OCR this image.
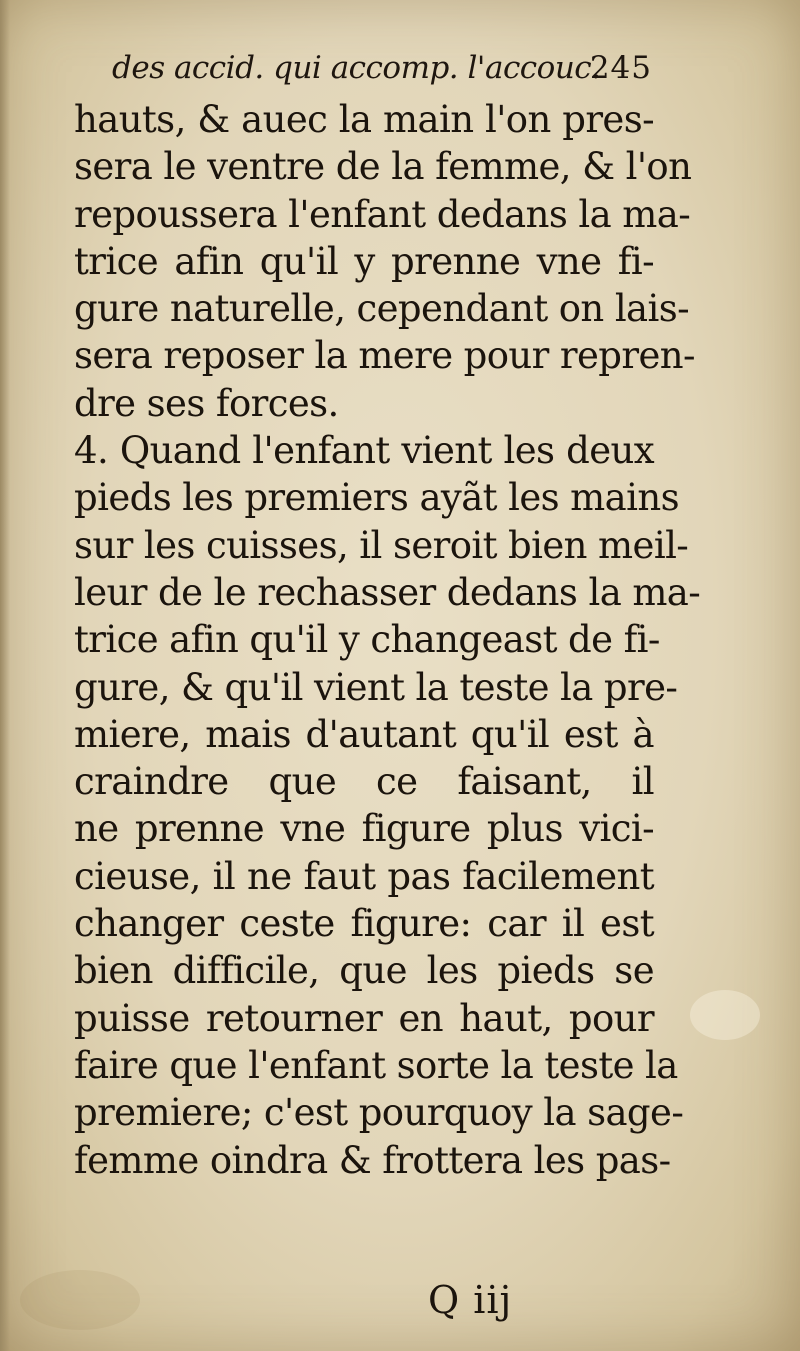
des accid. qui accomp. l'accouc.
245
hauts, & auec la main l'on pres-
sera le ventre de la femme, & l'on
repoussera l'enfant dedans la ma-
trice afin qu'il y prenne vne fi-
gure naturelle, cependant on lais-
sera reposer la mere pour repren-
dre ses forces.
4. Quand l'enfant vient les deux
pieds les premiers ayãt les mains
sur les cuisses, il seroit bien meil-
leur de le rechasser dedans la ma-
trice afin qu'il y changeast de fi-
gure, & qu'il vient la teste la pre-
miere, mais d'autant qu'il est à
craindre que ce faisant, il
ne prenne vne figure plus vici-
cieuse, il ne faut pas facilement
changer ceste figure: car il est
bien difficile, que les pieds se
puisse retourner en haut, pour
faire que l'enfant sorte la teste la
premiere; c'est pourquoy la sage-
femme oindra & frottera les pas-
Q iij
